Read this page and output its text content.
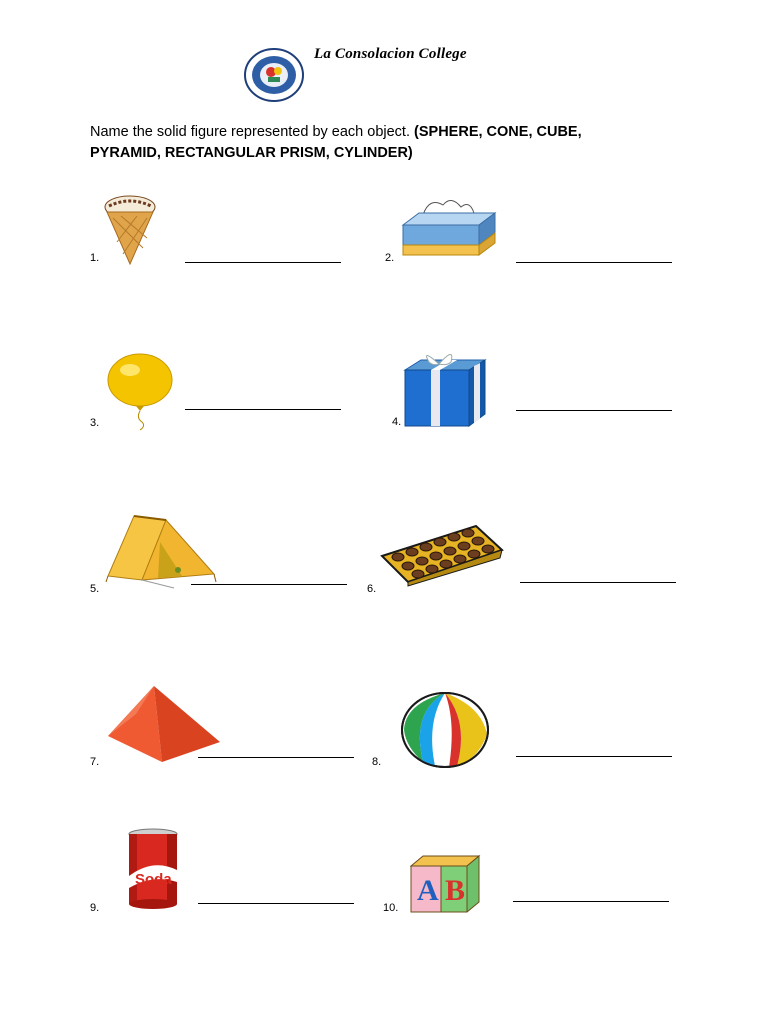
La Consolacion College
Name the solid figure represented by each object. (SPHERE, CONE, CUBE, PYRAMID, RECTANGULAR PRISM, CYLINDER)
1.	2.
3.	4.
5.	6.
7.	8.
Soda
9.
A B
10.
